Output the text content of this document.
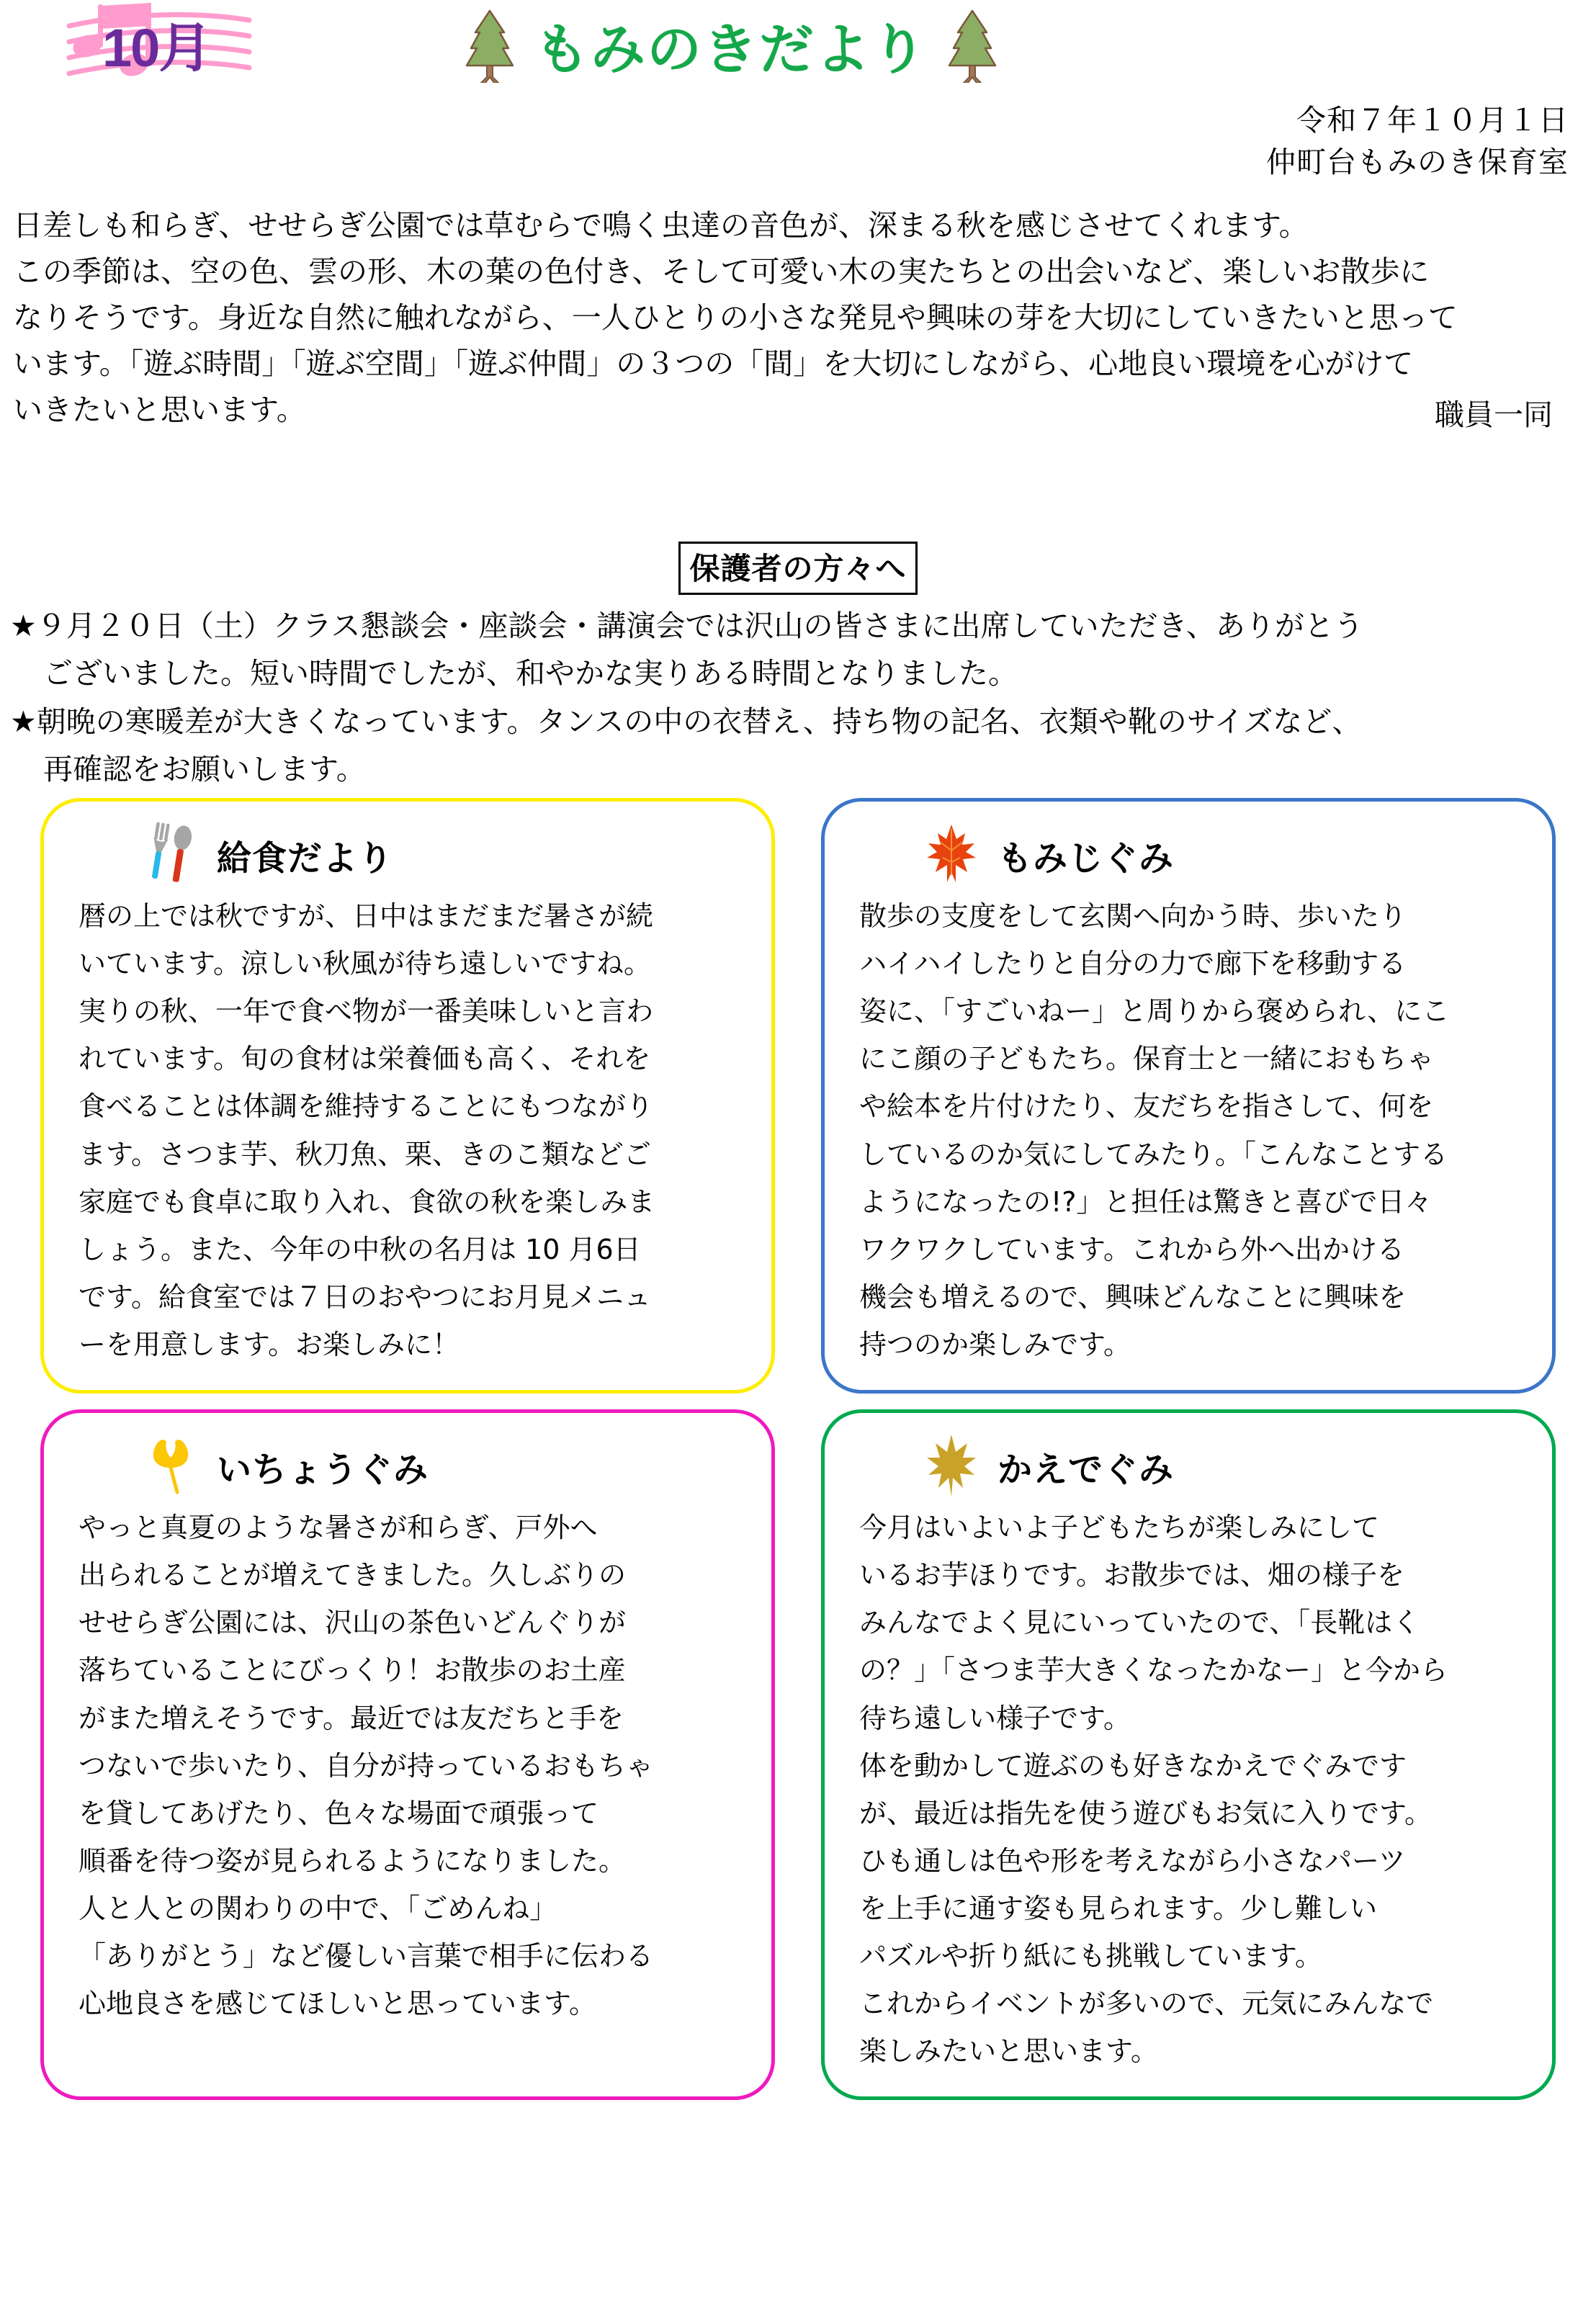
10月	もみのきだより
令和７年１０月１日
仲町台もみのき保育室
日差しも和らぎ、せせらぎ公園では草むらで鳴く虫達の音色が、深まる秋を感じさせてくれます。
この季節は、空の色、雲の形、木の葉の色付き、そして可愛い木の実たちとの出会いなど、楽しいお散歩に
なりそうです。身近な自然に触れながら、一人ひとりの小さな発見や興味の芽を大切にしていきたいと思って
います。「遊ぶ時間」「遊ぶ空間」「遊ぶ仲間」の３つの「間」を大切にしながら、心地良い環境を心がけて
いきたいと思います。	職員一同
保護者の方々へ
★９月２０日（土）クラス懇談会・座談会・講演会では沢山の皆さまに出席していただき、ありがとう
ございました。短い時間でしたが、和やかな実りある時間となりました。
★朝晩の寒暖差が大きくなっています。タンスの中の衣替え、持ち物の記名、衣類や靴のサイズなど、
再確認をお願いします。
給食だより
暦の上では秋ですが、日中はまだまだ暑さが続
いています。涼しい秋風が待ち遠しいですね。
実りの秋、一年で食べ物が一番美味しいと言わ
れています。旬の食材は栄養価も高く、それを
食べることは体調を維持することにもつながり
ます。さつま芋、秋刀魚、栗、きのこ類などご
家庭でも食卓に取り入れ、食欲の秋を楽しみま
しょう。また、今年の中秋の名月は 10 月6日
です。給食室では７日のおやつにお月見メニュ
ーを用意します。お楽しみに！
もみじぐみ
散歩の支度をして玄関へ向かう時、歩いたり
ハイハイしたりと自分の力で廊下を移動する
姿に、「すごいねー」と周りから褒められ、にこ
にこ顔の子どもたち。保育士と一緒におもちゃ
や絵本を片付けたり、友だちを指さして、何を
しているのか気にしてみたり。「こんなことする
ようになったの!?」と担任は驚きと喜びで日々
ワクワクしています。これから外へ出かける
機会も増えるので、興味どんなことに興味を
持つのか楽しみです。
いちょうぐみ
やっと真夏のような暑さが和らぎ、戸外へ
出られることが増えてきました。久しぶりの
せせらぎ公園には、沢山の茶色いどんぐりが
落ちていることにびっくり！お散歩のお土産
がまた増えそうです。最近では友だちと手を
つないで歩いたり、自分が持っているおもちゃ
を貸してあげたり、色々な場面で頑張って
順番を待つ姿が見られるようになりました。
人と人との関わりの中で、「ごめんね」
「ありがとう」など優しい言葉で相手に伝わる
心地良さを感じてほしいと思っています。
かえでぐみ
今月はいよいよ子どもたちが楽しみにして
いるお芋ほりです。お散歩では、畑の様子を
みんなでよく見にいっていたので、「長靴はく
の？」「さつま芋大きくなったかなー」と今から
待ち遠しい様子です。
体を動かして遊ぶのも好きなかえでぐみです
が、最近は指先を使う遊びもお気に入りです。
ひも通しは色や形を考えながら小さなパーツ
を上手に通す姿も見られます。少し難しい
パズルや折り紙にも挑戦しています。
これからイベントが多いので、元気にみんなで
楽しみたいと思います。
